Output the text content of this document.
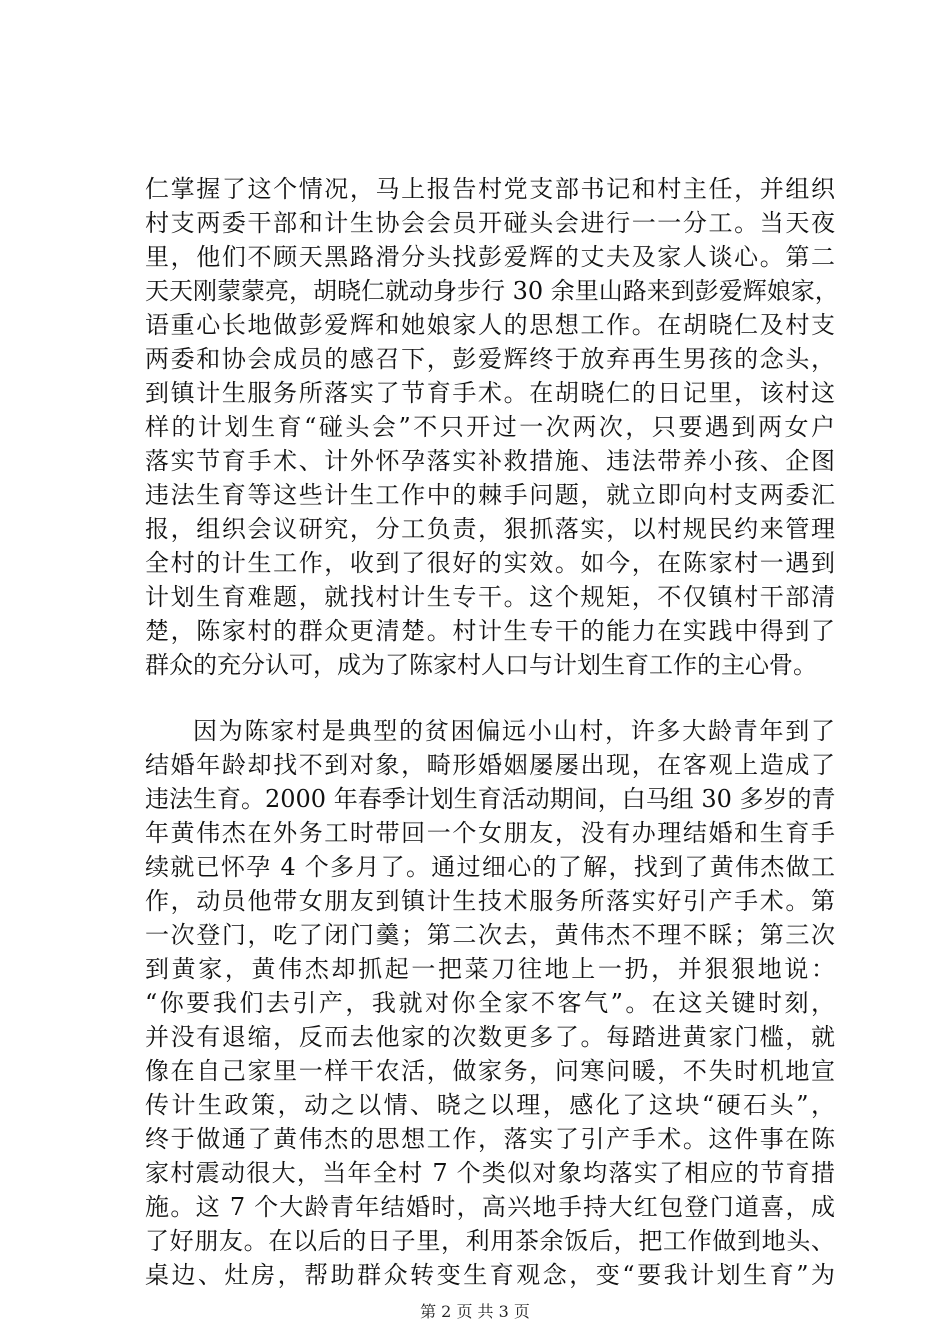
仁掌握了这个情况，马上报告村党支部书记和村主任，并组织
村支两委干部和计生协会会员开碰头会进行一一分工。当天夜
里，他们不顾天黑路滑分头找彭爱辉的丈夫及家人谈心。第二
天天刚蒙蒙亮，胡晓仁就动身步行 30 余里山路来到彭爱辉娘家，
语重心长地做彭爱辉和她娘家人的思想工作。在胡晓仁及村支
两委和协会成员的感召下，彭爱辉终于放弃再生男孩的念头，
到镇计生服务所落实了节育手术。在胡晓仁的日记里，该村这
样的计划生育“碰头会”不只开过一次两次，只要遇到两女户
落实节育手术、计外怀孕落实补救措施、违法带养小孩、企图
违法生育等这些计生工作中的棘手问题，就立即向村支两委汇
报，组织会议研究，分工负责，狠抓落实，以村规民约来管理
全村的计生工作，收到了很好的实效。如今，在陈家村一遇到
计划生育难题，就找村计生专干。这个规矩，不仅镇村干部清
楚，陈家村的群众更清楚。村计生专干的能力在实践中得到了
群众的充分认可，成为了陈家村人口与计划生育工作的主心骨。
因为陈家村是典型的贫困偏远小山村，许多大龄青年到了
结婚年龄却找不到对象，畸形婚姻屡屡出现，在客观上造成了
违法生育。2000 年春季计划生育活动期间，白马组 30 多岁的青
年黄伟杰在外务工时带回一个女朋友，没有办理结婚和生育手
续就已怀孕 4 个多月了。通过细心的了解，找到了黄伟杰做工
作，动员他带女朋友到镇计生技术服务所落实好引产手术。第
一次登门，吃了闭门羹；第二次去，黄伟杰不理不睬；第三次
到黄家，黄伟杰却抓起一把菜刀往地上一扔，并狠狠地说：
“你要我们去引产，我就对你全家不客气”。在这关键时刻，
并没有退缩，反而去他家的次数更多了。每踏进黄家门槛，就
像在自己家里一样干农活，做家务，问寒问暖，不失时机地宣
传计生政策，动之以情、晓之以理，感化了这块“硬石头”，
终于做通了黄伟杰的思想工作，落实了引产手术。这件事在陈
家村震动很大，当年全村 7 个类似对象均落实了相应的节育措
施。这 7 个大龄青年结婚时，高兴地手持大红包登门道喜，成
了好朋友。在以后的日子里，利用茶余饭后，把工作做到地头、
桌边、灶房，帮助群众转变生育观念，变“要我计划生育”为
第 2 页 共 3 页
